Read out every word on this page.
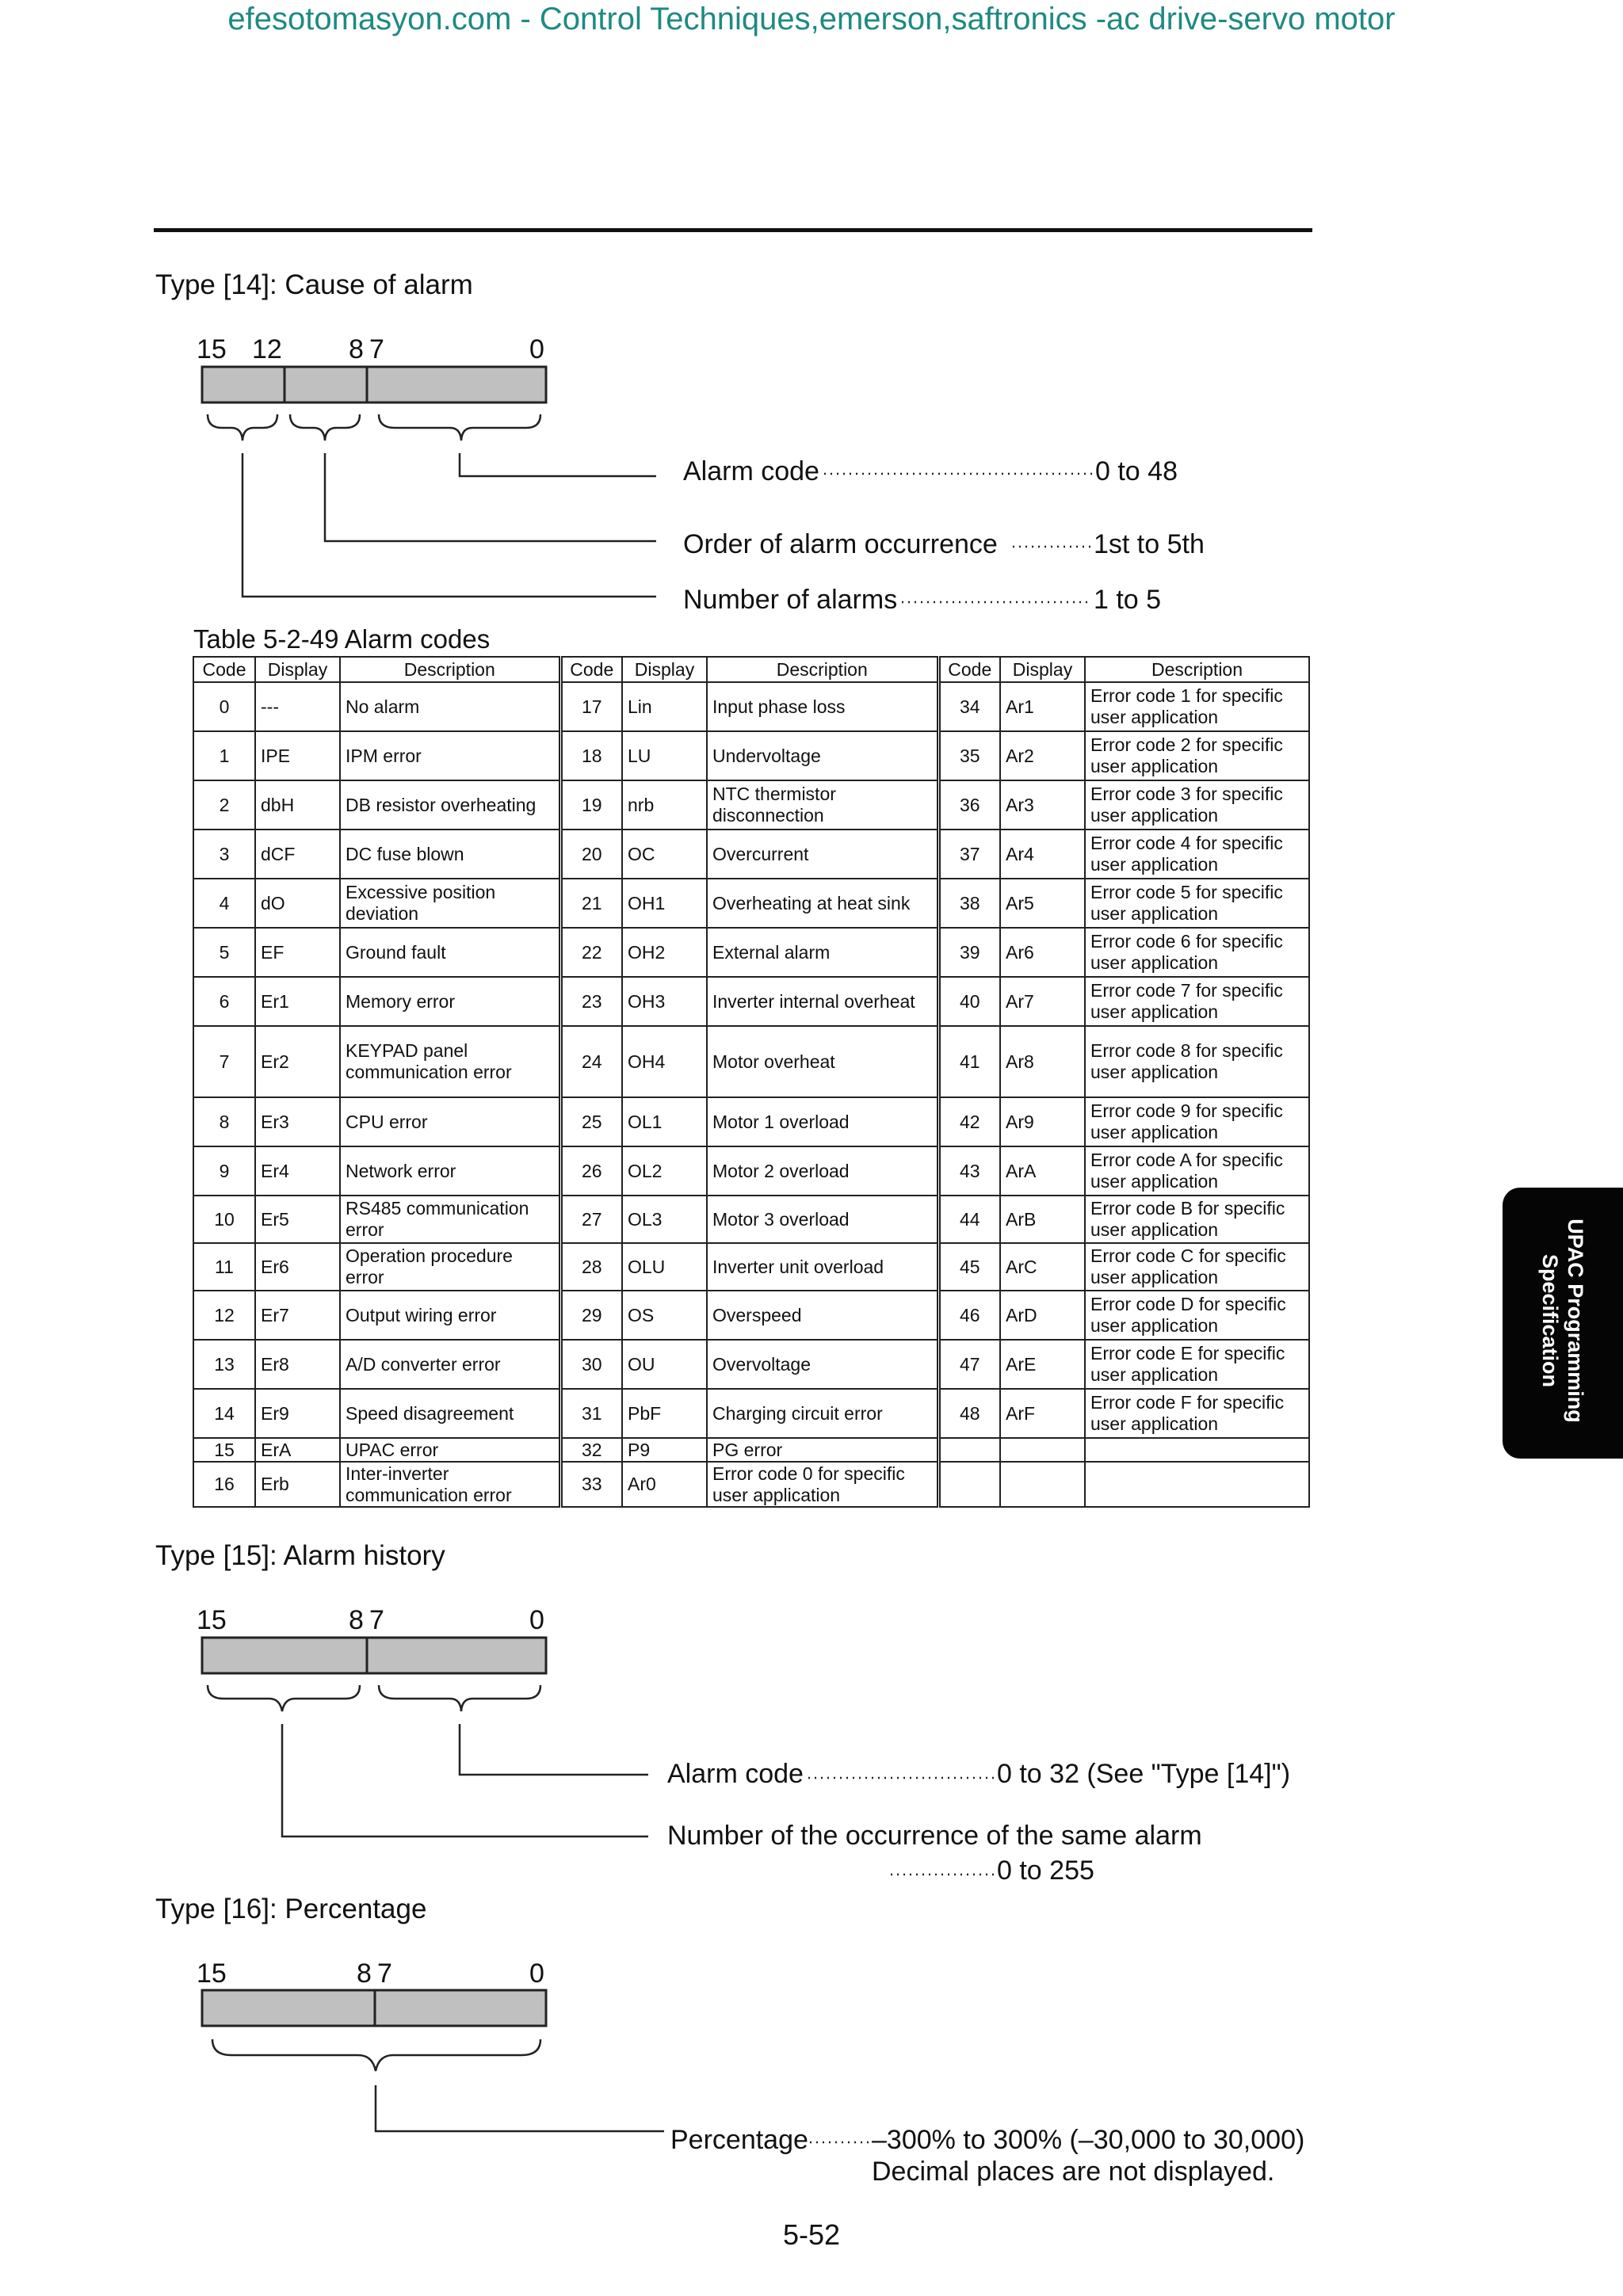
efesotomasyon.com - Control Techniques,emerson,saftronics -ac drive-servo motor
Type [14]: Cause of alarm
15 12 8 7	0
Alarm code	0 to 48
Order of alarm occurrence	1st to 5th
Number of alarms	1 to 5
Table 5-2-49 Alarm codes
Code	Display	Description	Code	Display	Description	Code	Display	Description
0	---	No alarm	17	Lin	Input phase loss	34	Ar1	Error code 1 for specific user application
1	IPE	IPM error	18	LU	Undervoltage	35	Ar2	Error code 2 for specific user application
2	dbH	DB resistor overheating	19	nrb	NTC thermistor disconnection	36	Ar3	Error code 3 for specific user application
3	dCF	DC fuse blown	20	OC	Overcurrent	37	Ar4	Error code 4 for specific user application
4	dO	Excessive position deviation	21	OH1	Overheating at heat sink	38	Ar5	Error code 5 for specific user application
5	EF	Ground fault	22	OH2	External alarm	39	Ar6	Error code 6 for specific user application
6	Er1	Memory error	23	OH3	Inverter internal overheat	40	Ar7	Error code 7 for specific user application
7	Er2	KEYPAD panel communication error	24	OH4	Motor overheat	41	Ar8	Error code 8 for specific user application
8	Er3	CPU error	25	OL1	Motor 1 overload	42	Ar9	Error code 9 for specific user application
9	Er4	Network error	26	OL2	Motor 2 overload	43	ArA	Error code A for specific user application
10	Er5	RS485 communication error	27	OL3	Motor 3 overload	44	ArB	Error code B for specific user application
11	Er6	Operation procedure error	28	OLU	Inverter unit overload	45	ArC	Error code C for specific user application
12	Er7	Output wiring error	29	OS	Overspeed	46	ArD	Error code D for specific user application
13	Er8	A/D converter error	30	OU	Overvoltage	47	ArE	Error code E for specific user application
14	Er9	Speed disagreement	31	PbF	Charging circuit error	48	ArF	Error code F for specific user application
15	ErA	UPAC error	32	P9	PG error			
16	Erb	Inter-inverter communication error	33	Ar0	Error code 0 for specific user application			
Type [15]: Alarm history
15	8 7	0
Alarm code	0 to 32 (See "Type [14]")
Number of the occurrence of the same alarm
0 to 255
Type [16]: Percentage
15	8 7	0
Percentage –300% to 300% (–30,000 to 30,000)
Decimal places are not displayed.
UPAC Programming
Specification
5-52
